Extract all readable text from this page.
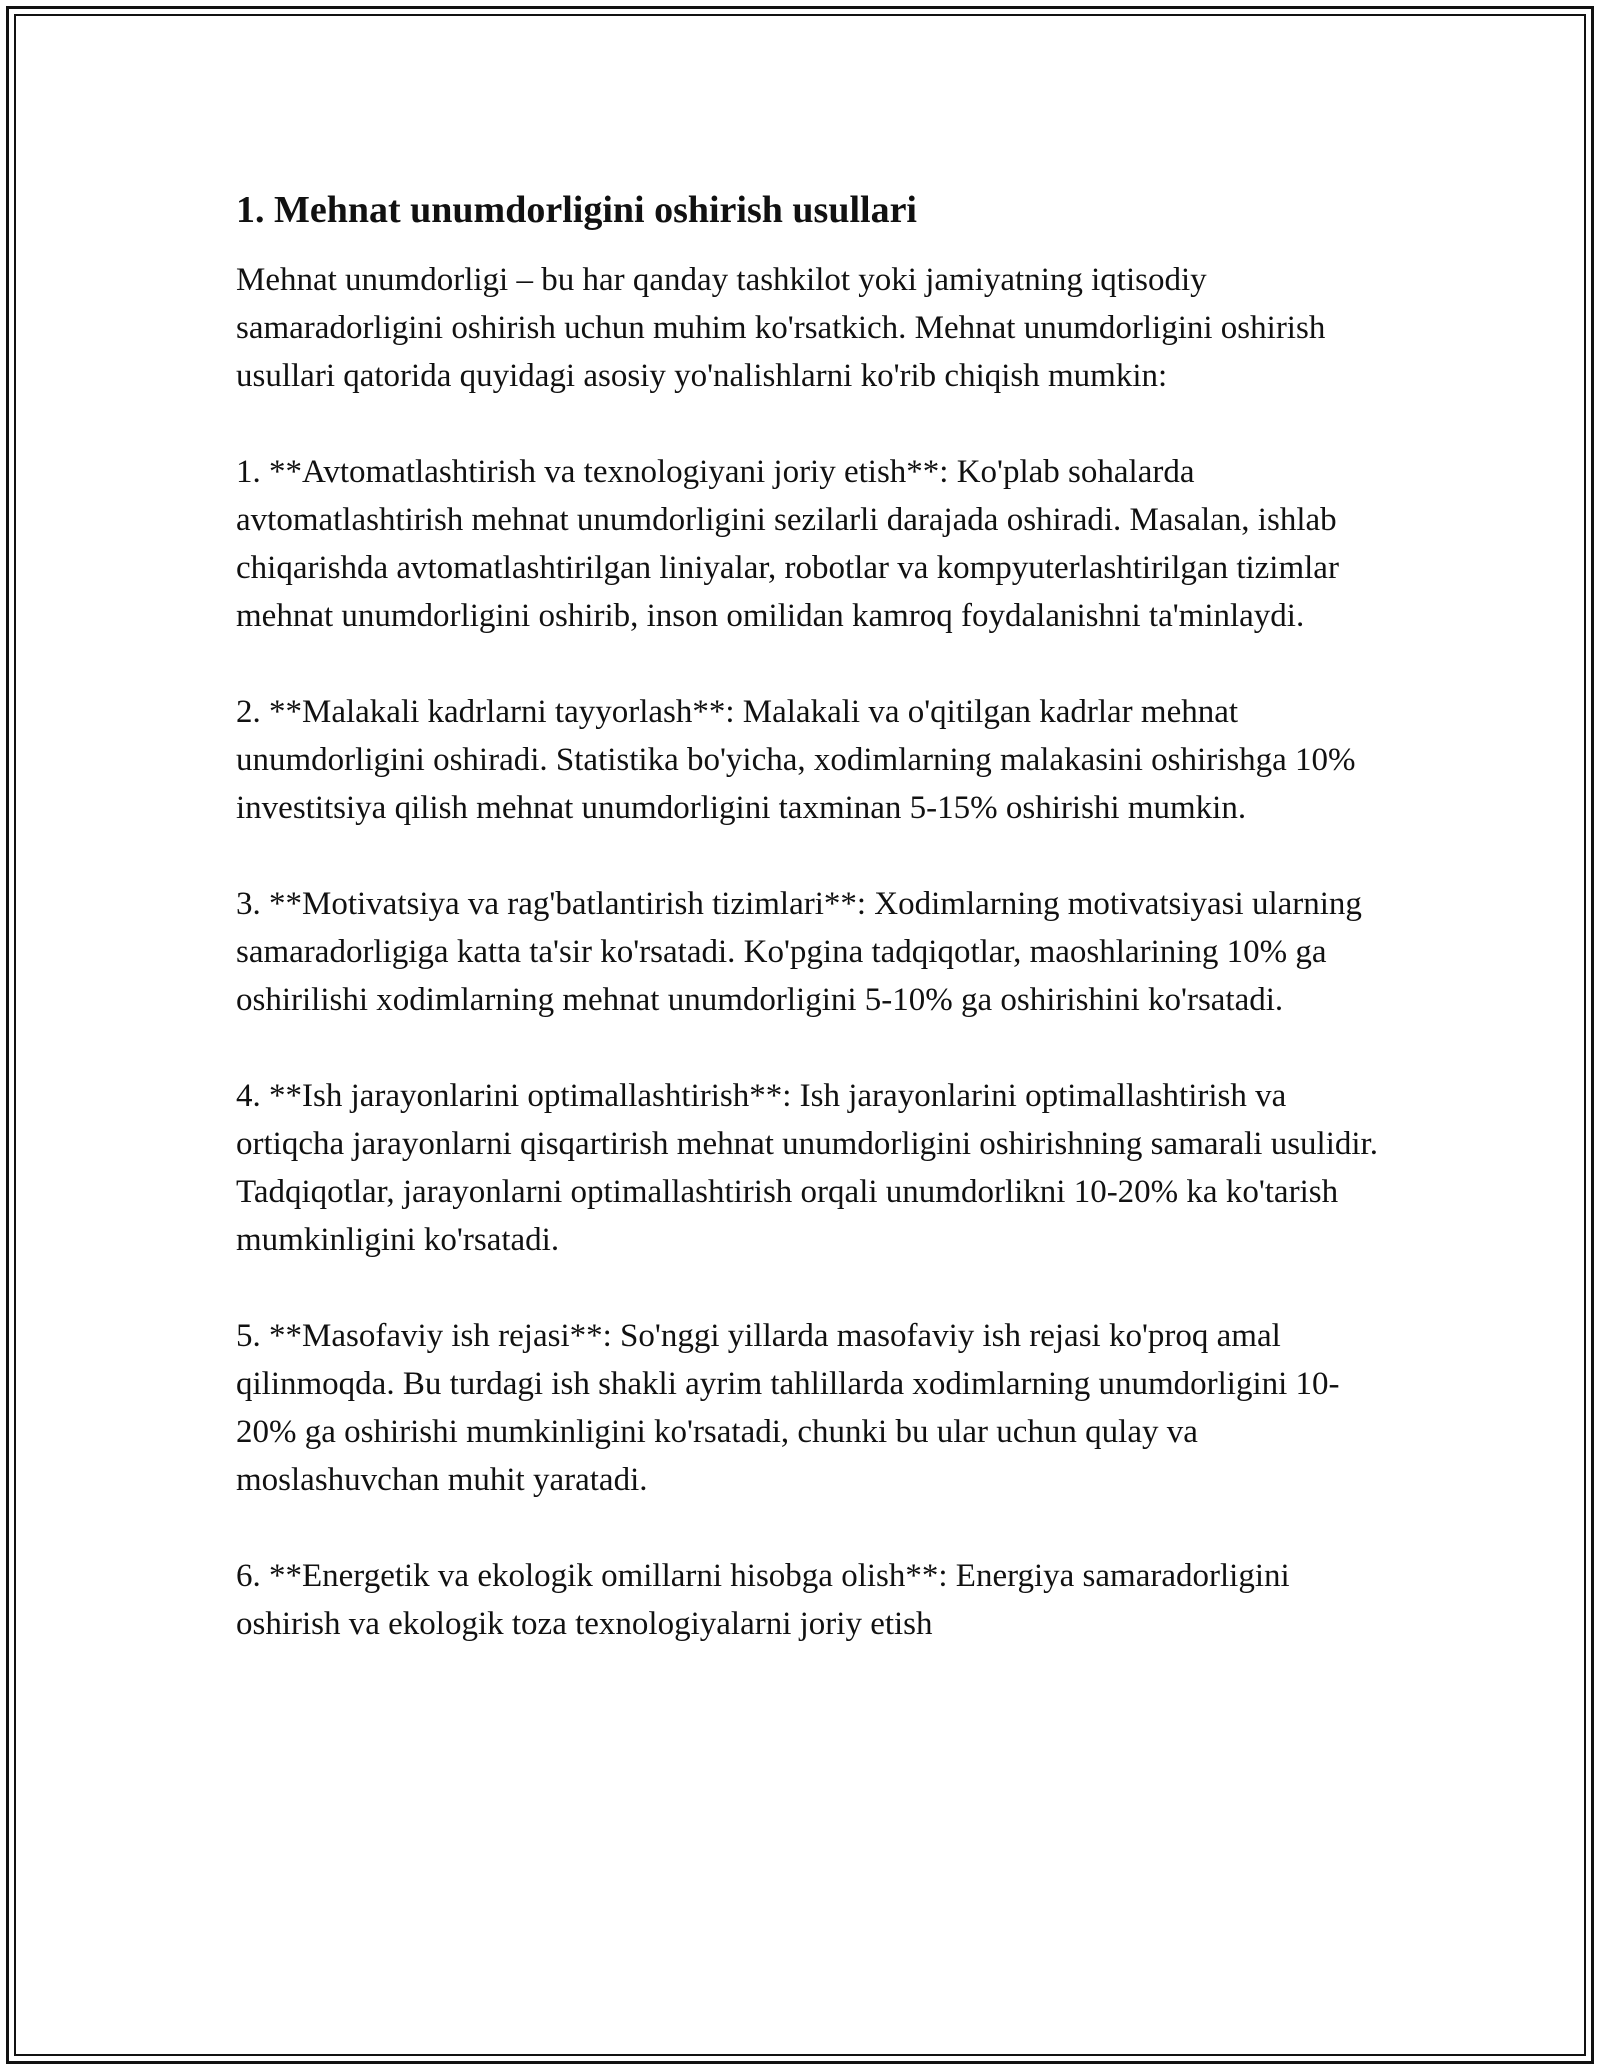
1. Mehnat unumdorligini oshirish usullari

Mehnat unumdorligi – bu har qanday tashkilot yoki jamiyatning iqtisodiy samaradorligini oshirish uchun muhim ko'rsatkich. Mehnat unumdorligini oshirish usullari qatorida quyidagi asosiy yo'nalishlarni ko'rib chiqish mumkin:

1. **Avtomatlashtirish va texnologiyani joriy etish**: Ko'plab sohalarda avtomatlashtirish mehnat unumdorligini sezilarli darajada oshiradi. Masalan, ishlab chiqarishda avtomatlashtirilgan liniyalar, robotlar va kompyuterlashtirilgan tizimlar mehnat unumdorligini oshirib, inson omilidan kamroq foydalanishni ta'minlaydi.

2. **Malakali kadrlarni tayyorlash**: Malakali va o'qitilgan kadrlar mehnat unumdorligini oshiradi. Statistika bo'yicha, xodimlarning malakasini oshirishga 10% investitsiya qilish mehnat unumdorligini taxminan 5-15% oshirishi mumkin.

3. **Motivatsiya va rag'batlantirish tizimlari**: Xodimlarning motivatsiyasi ularning samaradorligiga katta ta'sir ko'rsatadi. Ko'pgina tadqiqotlar, maoshlarining 10% ga oshirilishi xodimlarning mehnat unumdorligini 5-10% ga oshirishini ko'rsatadi.

4. **Ish jarayonlarini optimallashtirish**: Ish jarayonlarini optimallashtirish va ortiqcha jarayonlarni qisqartirish mehnat unumdorligini oshirishning samarali usulidir. Tadqiqotlar, jarayonlarni optimallashtirish orqali unumdorlikni 10-20% ka ko'tarish mumkinligini ko'rsatadi.

5. **Masofaviy ish rejasi**: So'nggi yillarda masofaviy ish rejasi ko'proq amal qilinmoqda. Bu turdagi ish shakli ayrim tahlillarda xodimlarning unumdorligini 10-20% ga oshirishi mumkinligini ko'rsatadi, chunki bu ular uchun qulay va moslashuvchan muhit yaratadi.

6. **Energetik va ekologik omillarni hisobga olish**: Energiya samaradorligini oshirish va ekologik toza texnologiyalarni joriy etish
